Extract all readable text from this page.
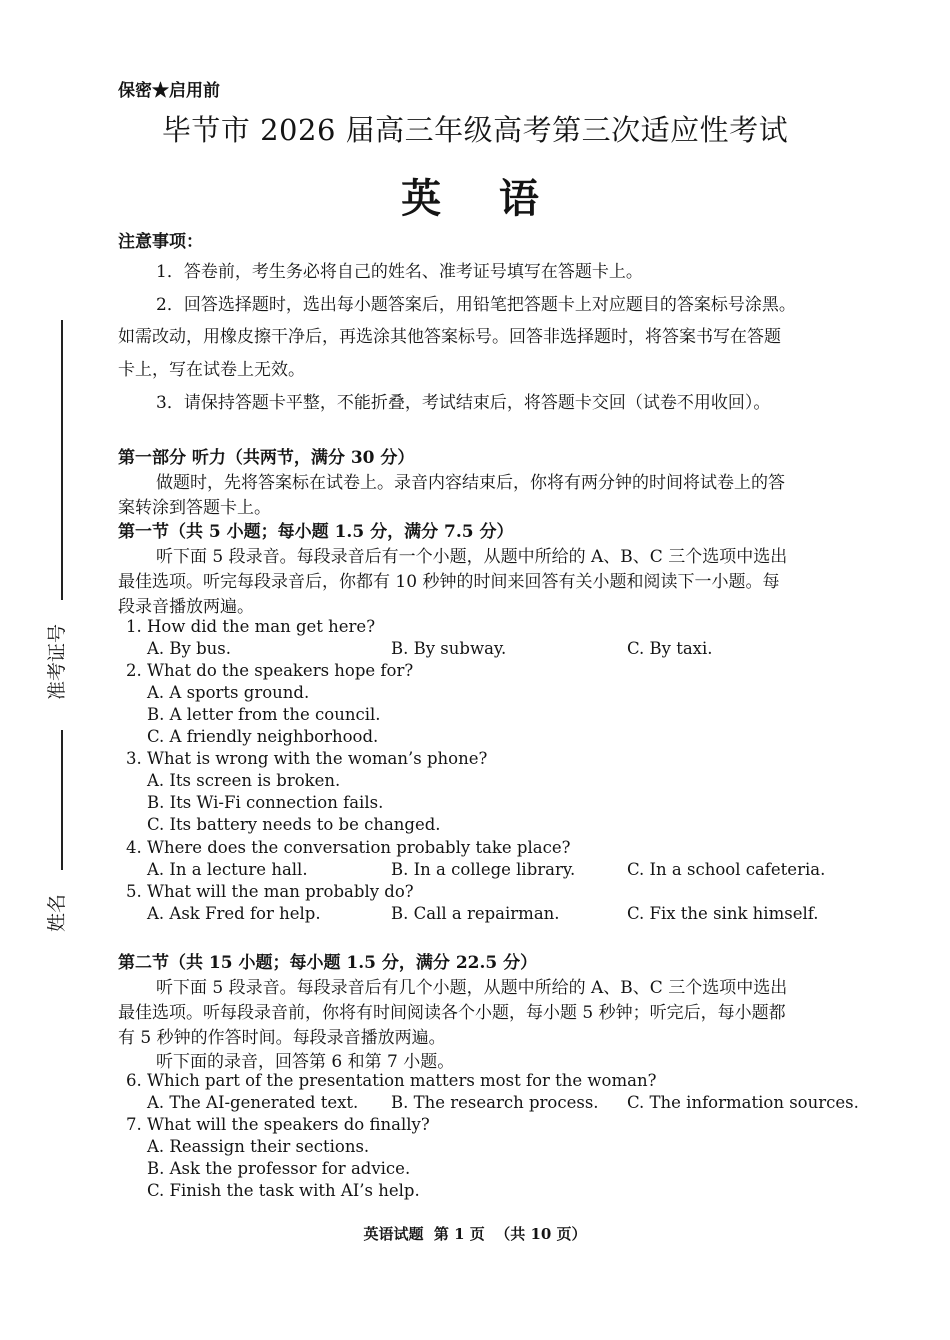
保密★启用前
毕节市 2026 届高三年级高考第三次适应性考试
英  语
注意事项：
1．答卷前，考生务必将自己的姓名、准考证号填写在答题卡上。
2．回答选择题时，选出每小题答案后，用铅笔把答题卡上对应题目的答案标号涂黑。
如需改动，用橡皮擦干净后，再选涂其他答案标号。回答非选择题时，将答案书写在答题
卡上，写在试卷上无效。
3．请保持答题卡平整，不能折叠，考试结束后，将答题卡交回（试卷不用收回）。
准考证号
姓名
第一部分 听力（共两节，满分 30 分）
做题时，先将答案标在试卷上。录音内容结束后，你将有两分钟的时间将试卷上的答
案转涂到答题卡上。
第一节（共 5 小题；每小题 1.5 分，满分 7.5 分）
听下面 5 段录音。每段录音后有一个小题，从题中所给的 A、B、C 三个选项中选出
最佳选项。听完每段录音后，你都有 10 秒钟的时间来回答有关小题和阅读下一小题。每
段录音播放两遍。
1. How did the man get here?
A. By bus.	B. By subway.	C. By taxi.
2. What do the speakers hope for?
A. A sports ground.
B. A letter from the council.
C. A friendly neighborhood.
3. What is wrong with the woman’s phone?
A. Its screen is broken.
B. Its Wi-Fi connection fails.
C. Its battery needs to be changed.
4. Where does the conversation probably take place?
A. In a lecture hall.	B. In a college library.	C. In a school cafeteria.
5. What will the man probably do?
A. Ask Fred for help.	B. Call a repairman.	C. Fix the sink himself.
第二节（共 15 小题；每小题 1.5 分，满分 22.5 分）
听下面 5 段录音。每段录音后有几个小题，从题中所给的 A、B、C 三个选项中选出
最佳选项。听每段录音前，你将有时间阅读各个小题，每小题 5 秒钟；听完后，每小题都
有 5 秒钟的作答时间。每段录音播放两遍。
听下面的录音，回答第 6 和第 7 小题。
6. Which part of the presentation matters most for the woman?
A. The AI-generated text. B. The research process. C. The information sources.
7. What will the speakers do finally?
A. Reassign their sections.
B. Ask the professor for advice.
C. Finish the task with AI’s help.
英语试题  第 1 页  （共 10 页）
